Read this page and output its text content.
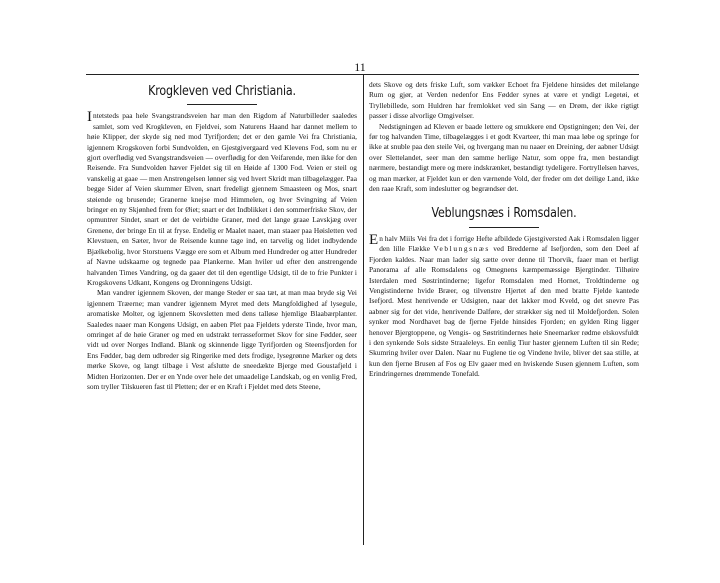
11
Krogkleven ved Christiania.

Intetsteds paa hele Svangstrandsveien har man den Rigdom af Naturbilleder saaledes samlet, som ved Krogkleven, en Fjeldvei, som Naturens Haand har dannet mellem to høie Klipper, der skyde sig ned mod Tyrifjorden; det er den gamle Vei fra Christiania, igjennem Krogskoven forbi Sundvolden, en Gjestgivergaard ved Klevens Fod, som nu er gjort overflødig ved Svangstrandsveien — overflødig for den Veifarende, men ikke for den Reisende. Fra Sundvolden hæver Fjeldet sig til en Høide af 1300 Fod. Veien er steil og vanskelig at gaae — men Anstrengelsen lønner sig ved hvert Skridt man tilbagelægger. Paa begge Sider af Veien skummer Elven, snart fredeligt gjennem Smaasteen og Mos, snart støiende og brusende; Granerne knejse mod Himmelen, og hver Svingning af Veien bringer en ny Skjønhed frem for Øiet; snart er det Indblikket i den sommerfriske Skov, der opmuntrer Sindet, snart er det de veirbidte Graner, med det lange graae Lavskjæg over Grenene, der bringe En til at fryse. Endelig er Maalet naaet, man staaer paa Høisletten ved Klevstuen, en Sæter, hvor de Reisende kunne tage ind, en tarvelig og lidet indbydende Bjælkebolig, hvor Storstuens Vægge ere som et Album med Hundreder og atter Hundreder af Navne udskaarne og tegnede paa Plankerne. Man hviler ud efter den anstrengende halvanden Times Vandring, og da gaaer det til den egentlige Udsigt, til de to frie Punkter i Krogskovens Udkant, Kongens og Dronningens Udsigt.

Man vandrer igjennem Skoven, der mange Steder er saa tæt, at man maa bryde sig Vei igjennem Træerne; man vandrer igjennem Myret med dets Mangfoldighed af lysegule, aromatiske Molter, og igjennem Skovsletten med dens talløse hjemlige Blaabærplanter. Saaledes naaer man Kongens Udsigt, en aaben Plet paa Fjeldets yderste Tinde, hvor man, omringet af de høie Graner og med en udstrakt terrasseformet Skov for sine Fødder, seer vidt ud over Norges Indland. Blank og skinnende ligge Tyrifjorden og Steensfjorden for Ens Fødder, bag dem udbreder sig Ringerike med dets frodige, lysegrønne Marker og dets mørke Skove, og langt tilbage i Vest afslutte de sneedækte Bjerge med Goustafjeld i Midten Horizonten. Der er en Ynde over hele det umaadelige Landskab, og en venlig Fred, som tryller Tilskueren fast til Pletten; der er en Kraft i Fjeldet med dets Steene,

dets Skove og dets friske Luft, som vækker Echoet fra Fjeldene hinsides det milelange Rum og gjør, at Verden nedenfor Ens Fødder synes at være et yndigt Legetøi, et Tryllebillede, som Huldren har fremlokket ved sin Sang — en Drøm, der ikke rigtigt passer i disse alvorlige Omgivelser.

Nedstigningen ad Kleven er baade lettere og smukkere end Opstigningen; den Vei, der før tog halvanden Time, tilbagelægges i et godt Kvarteer, thi man maa løbe og springe for ikke at snuble paa den steile Vei, og hvergang man nu naaer en Dreining, der aabner Udsigt over Slettelandet, seer man den samme herlige Natur, som oppe fra, men bestandigt nærmere, bestandigt mere og mere indskrænket, bestandigt tydeligere. Fortryllelsen hæves, og man mærker, at Fjeldet kun er den værnende Vold, der freder om det deilige Land, ikke den raae Kraft, som indeslutter og begrændser det.

Veblungsnæs i Romsdalen.

En halv Miils Vei fra det i forrige Hefte afbildede Gjestgiversted Aak i Romsdalen ligger den lille Flække Veblungsnæs ved Bredderne af Isefjorden, som den Deel af Fjorden kaldes. Naar man lader sig sætte over denne til Thorvik, faaer man et herligt Panorama af alle Romsdalens og Omegnens kæmpemæssige Bjergtinder. Tilhøire Isterdalen med Søstrintinderne; ligefor Romsdalen med Hornet, Troldtinderne og Vengistinderne hvide Bræer, og tilvenstre Hjertet af den med bratte Fjelde kantede Isefjord. Mest henrivende er Udsigten, naar det lakker mod Kveld, og det snevre Pas aabner sig for det vide, henrivende Dalføre, der strækker sig ned til Moldefjorden. Solen synker mod Nordhavet bag de fjerne Fjelde hinsides Fjorden; en gylden Ring ligger henover Bjergtoppene, og Vengis- og Søstritindernes høie Sneemarker rødme elskovsfuldt i den synkende Sols sidste Straaleleys. En eenlig Tiur haster gjennem Luften til sin Rede; Skumring hviler over Dalen. Naar nu Fuglene tie og Vindene hvile, bliver det saa stille, at kun den fjerne Brusen af Fos og Elv gaaer med en hviskende Susen gjennem Luften, som Erindringernes drømmende Tonefald.
